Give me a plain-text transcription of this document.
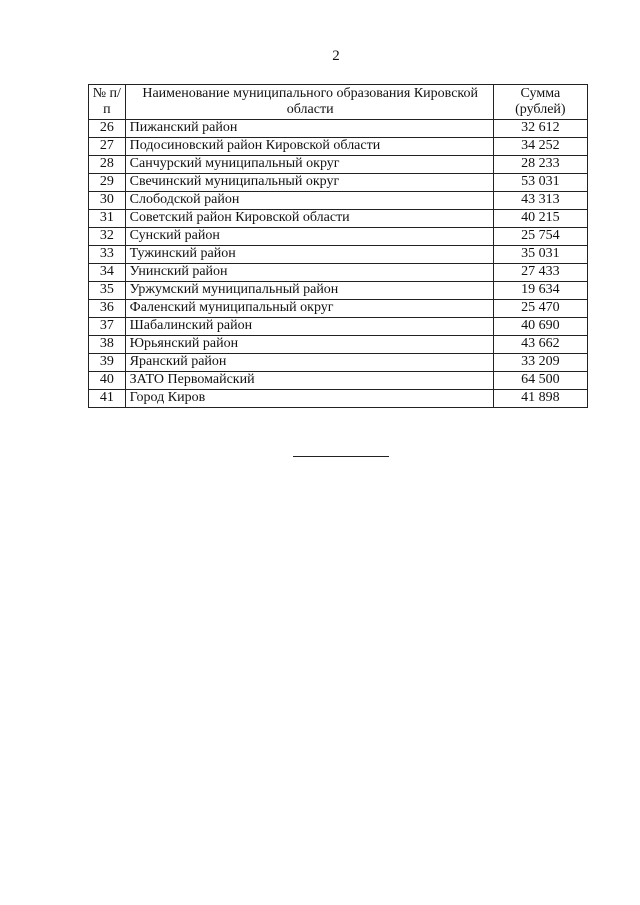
2
№ п/п	Наименование муниципального образования Кировской области	Сумма (рублей)
26	Пижанский район	32 612
27	Подосиновский район Кировской области	34 252
28	Санчурский муниципальный округ	28 233
29	Свечинский муниципальный округ	53 031
30	Слободской район	43 313
31	Советский район Кировской области	40 215
32	Сунский район	25 754
33	Тужинский район	35 031
34	Унинский район	27 433
35	Уржумский муниципальный район	19 634
36	Фаленский муниципальный округ	25 470
37	Шабалинский район	40 690
38	Юрьянский район	43 662
39	Яранский район	33 209
40	ЗАТО Первомайский	64 500
41	Город Киров	41 898
